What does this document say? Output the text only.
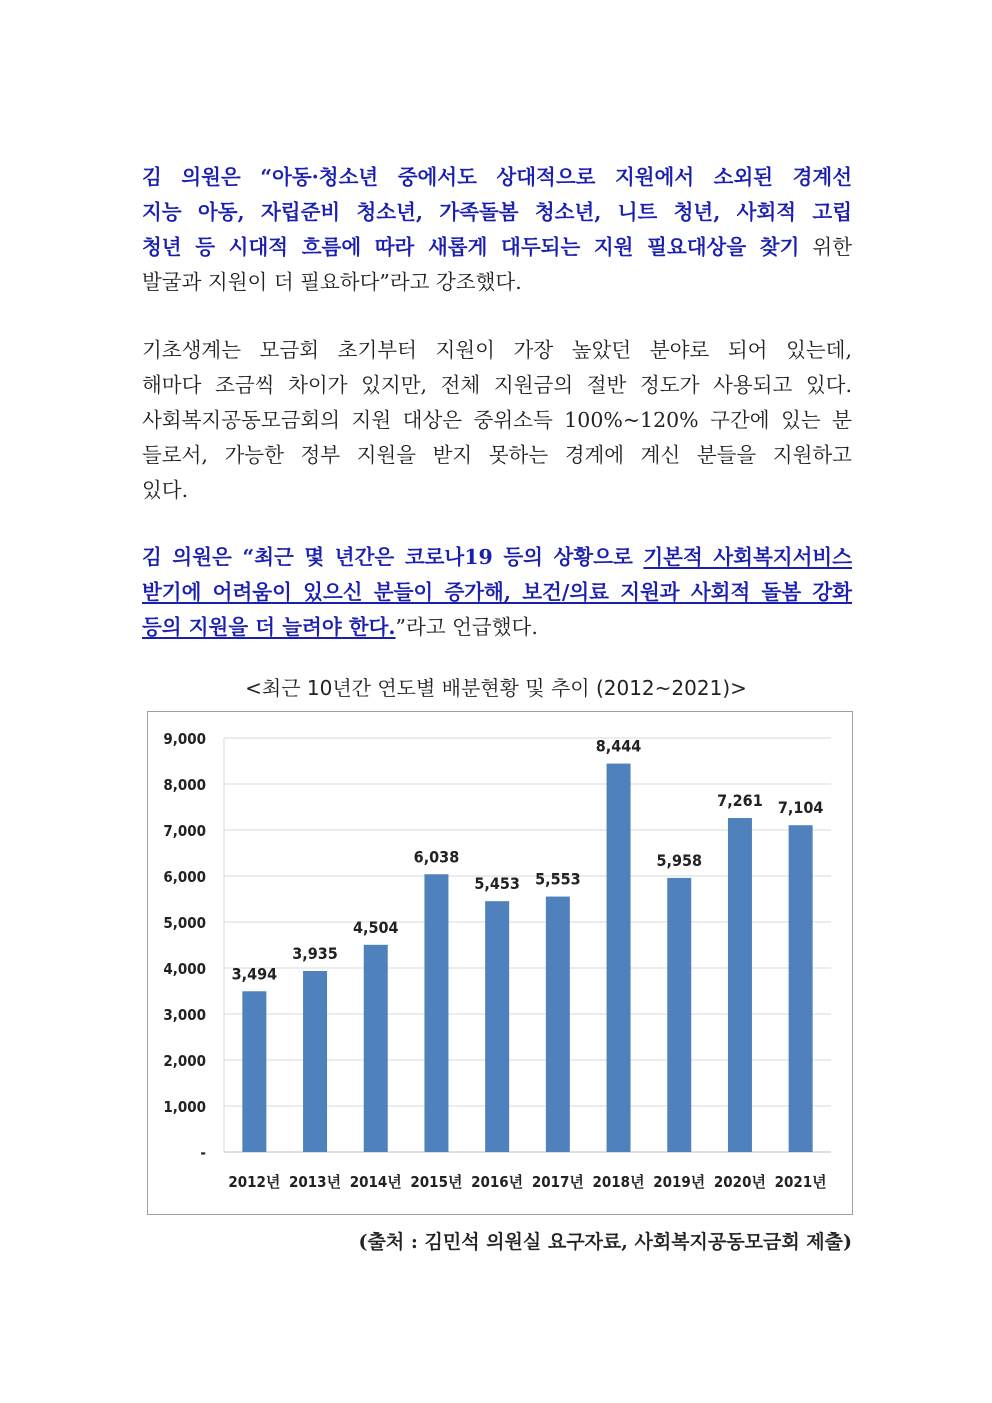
김 의원은 “아동·청소년 중에서도 상대적으로 지원에서 소외된 경계선
지능 아동, 자립준비 청소년, 가족돌봄 청소년, 니트 청년, 사회적 고립
청년 등 시대적 흐름에 따라 새롭게 대두되는 지원 필요대상을 찾기 위한
발굴과 지원이 더 필요하다”라고 강조했다.
기초생계는 모금회 초기부터 지원이 가장 높았던 분야로 되어 있는데,
해마다 조금씩 차이가 있지만, 전체 지원금의 절반 정도가 사용되고 있다.
사회복지공동모금회의 지원 대상은 중위소득 100%~120% 구간에 있는 분
들로서, 가능한 정부 지원을 받지 못하는 경계에 계신 분들을 지원하고
있다.
김 의원은 “최근 몇 년간은 코로나19 등의 상황으로 기본적 사회복지서비스
받기에 어려움이 있으신 분들이 증가해, 보건/의료 지원과 사회적 돌봄 강화
등의 지원을 더 늘려야 한다.”라고 언급했다.
<최근 10년간 연도별 배분현황 및 추이 (2012~2021)>
-
1,000
2,000
3,000
4,000
5,000
6,000
7,000
8,000
9,000
3,494
2012년
3,935
2013년
4,504
2014년
6,038
2015년
5,453
2016년
5,553
2017년
8,444
2018년
5,958
2019년
7,261
2020년
7,104
2021년
(출처 : 김민석 의원실 요구자료, 사회복지공동모금회 제출)
